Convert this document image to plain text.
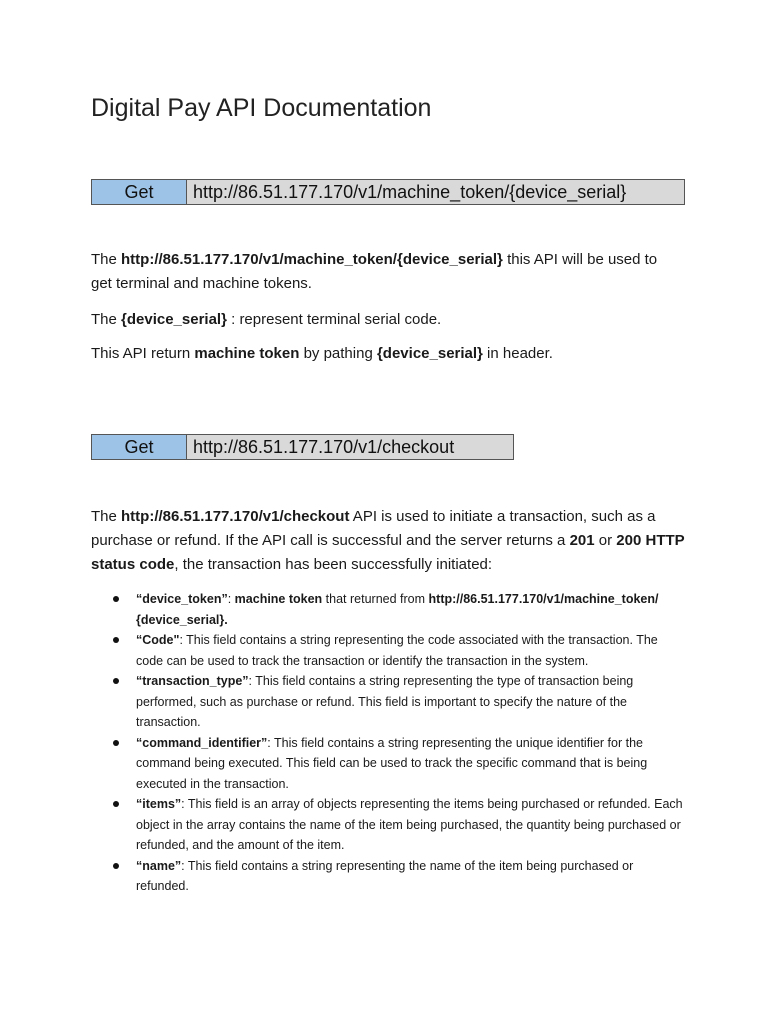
Digital Pay API Documentation
Get	http://86.51.177.170/v1/machine_token/{device_serial}

The http://86.51.177.170/v1/machine_token/{device_serial} this API will be used to get terminal and machine tokens.

The {device_serial} : represent terminal serial code.

This API return machine token by pathing {device_serial} in header.

Get	http://86.51.177.170/v1/checkout

The http://86.51.177.170/v1/checkout API is used to initiate a transaction, such as a purchase or refund. If the API call is successful and the server returns a 201 or 200 HTTP status code, the transaction has been successfully initiated:

“device_token”: machine token that returned from http://86.51.177.170/v1/machine_token/ {device_serial}.
“Code": This field contains a string representing the code associated with the transaction. The code can be used to track the transaction or identify the transaction in the system.
“transaction_type”: This field contains a string representing the type of transaction being performed, such as purchase or refund. This field is important to specify the nature of the transaction.
“command_identifier”: This field contains a string representing the unique identifier for the command being executed. This field can be used to track the specific command that is being executed in the transaction.
“items”: This field is an array of objects representing the items being purchased or refunded. Each object in the array contains the name of the item being purchased, the quantity being purchased or refunded, and the amount of the item.
“name”: This field contains a string representing the name of the item being purchased or refunded.
